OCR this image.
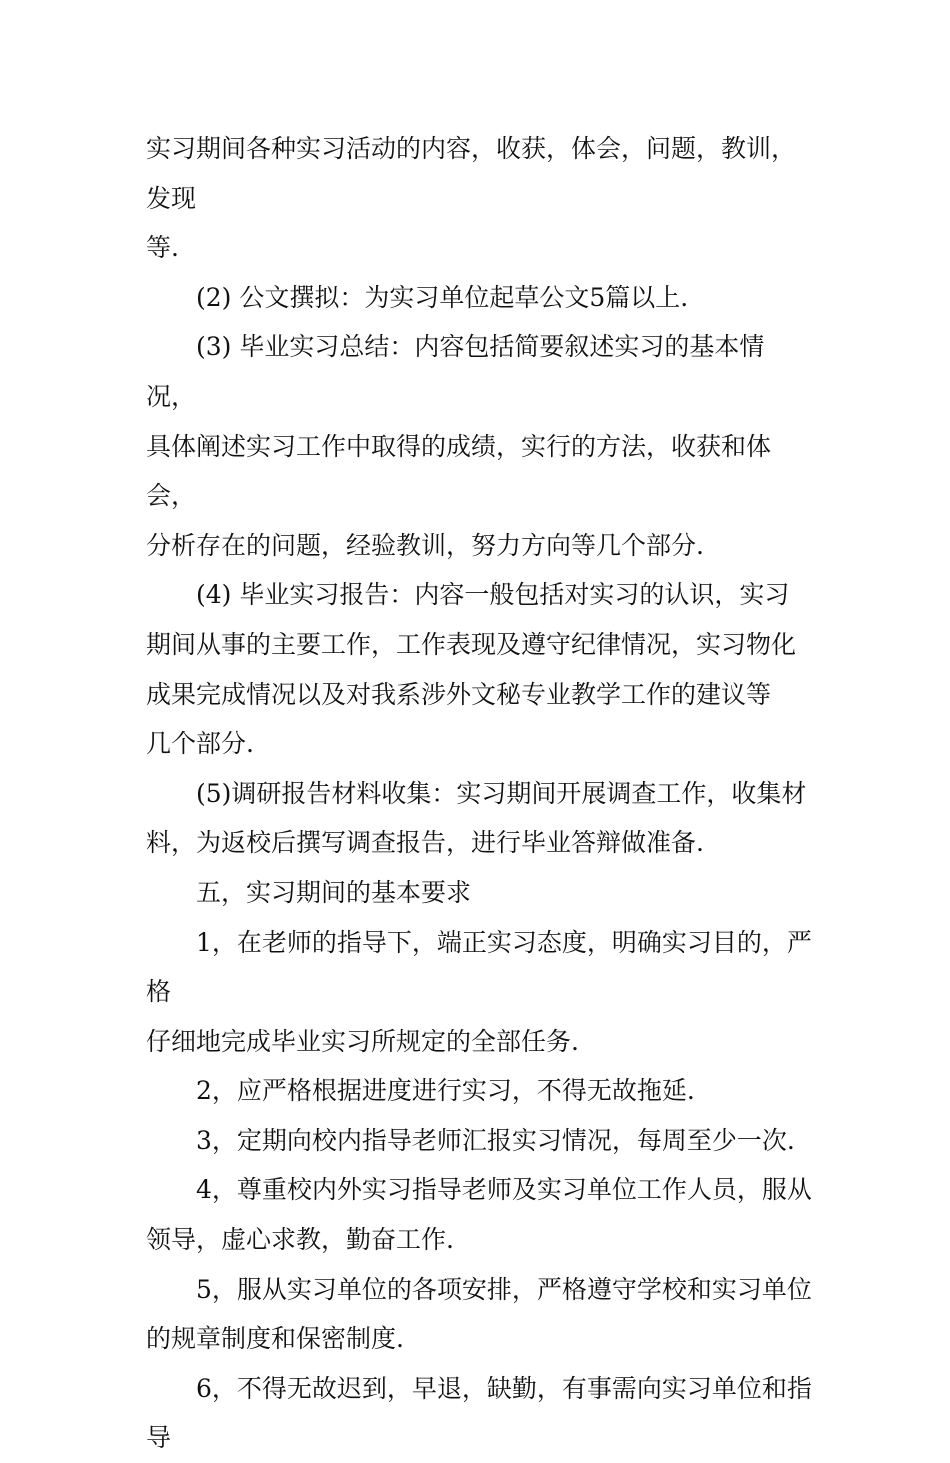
实习期间各种实习活动的内容，收获，体会，问题，教训，发现
等.

　　(2) 公文撰拟：为实习单位起草公文5篇以上.

　　(3) 毕业实习总结：内容包括简要叙述实习的基本情况，
具体阐述实习工作中取得的成绩，实行的方法，收获和体会，
分析存在的问题，经验教训，努力方向等几个部分.

　　(4) 毕业实习报告：内容一般包括对实习的认识，实习
期间从事的主要工作，工作表现及遵守纪律情况，实习物化
成果完成情况以及对我系涉外文秘专业教学工作的建议等
几个部分.

　　(5)调研报告材料收集：实习期间开展调查工作，收集材
料，为返校后撰写调查报告，进行毕业答辩做准备.

　　五，实习期间的基本要求

　　1，在老师的指导下，端正实习态度，明确实习目的，严格
仔细地完成毕业实习所规定的全部任务.

　　2，应严格根据进度进行实习，不得无故拖延.

　　3，定期向校内指导老师汇报实习情况，每周至少一次.

　　4，尊重校内外实习指导老师及实习单位工作人员，服从
领导，虚心求教，勤奋工作.

　　5，服从实习单位的各项安排，严格遵守学校和实习单位
的规章制度和保密制度.

　　6，不得无故迟到，早退，缺勤，有事需向实习单位和指导
